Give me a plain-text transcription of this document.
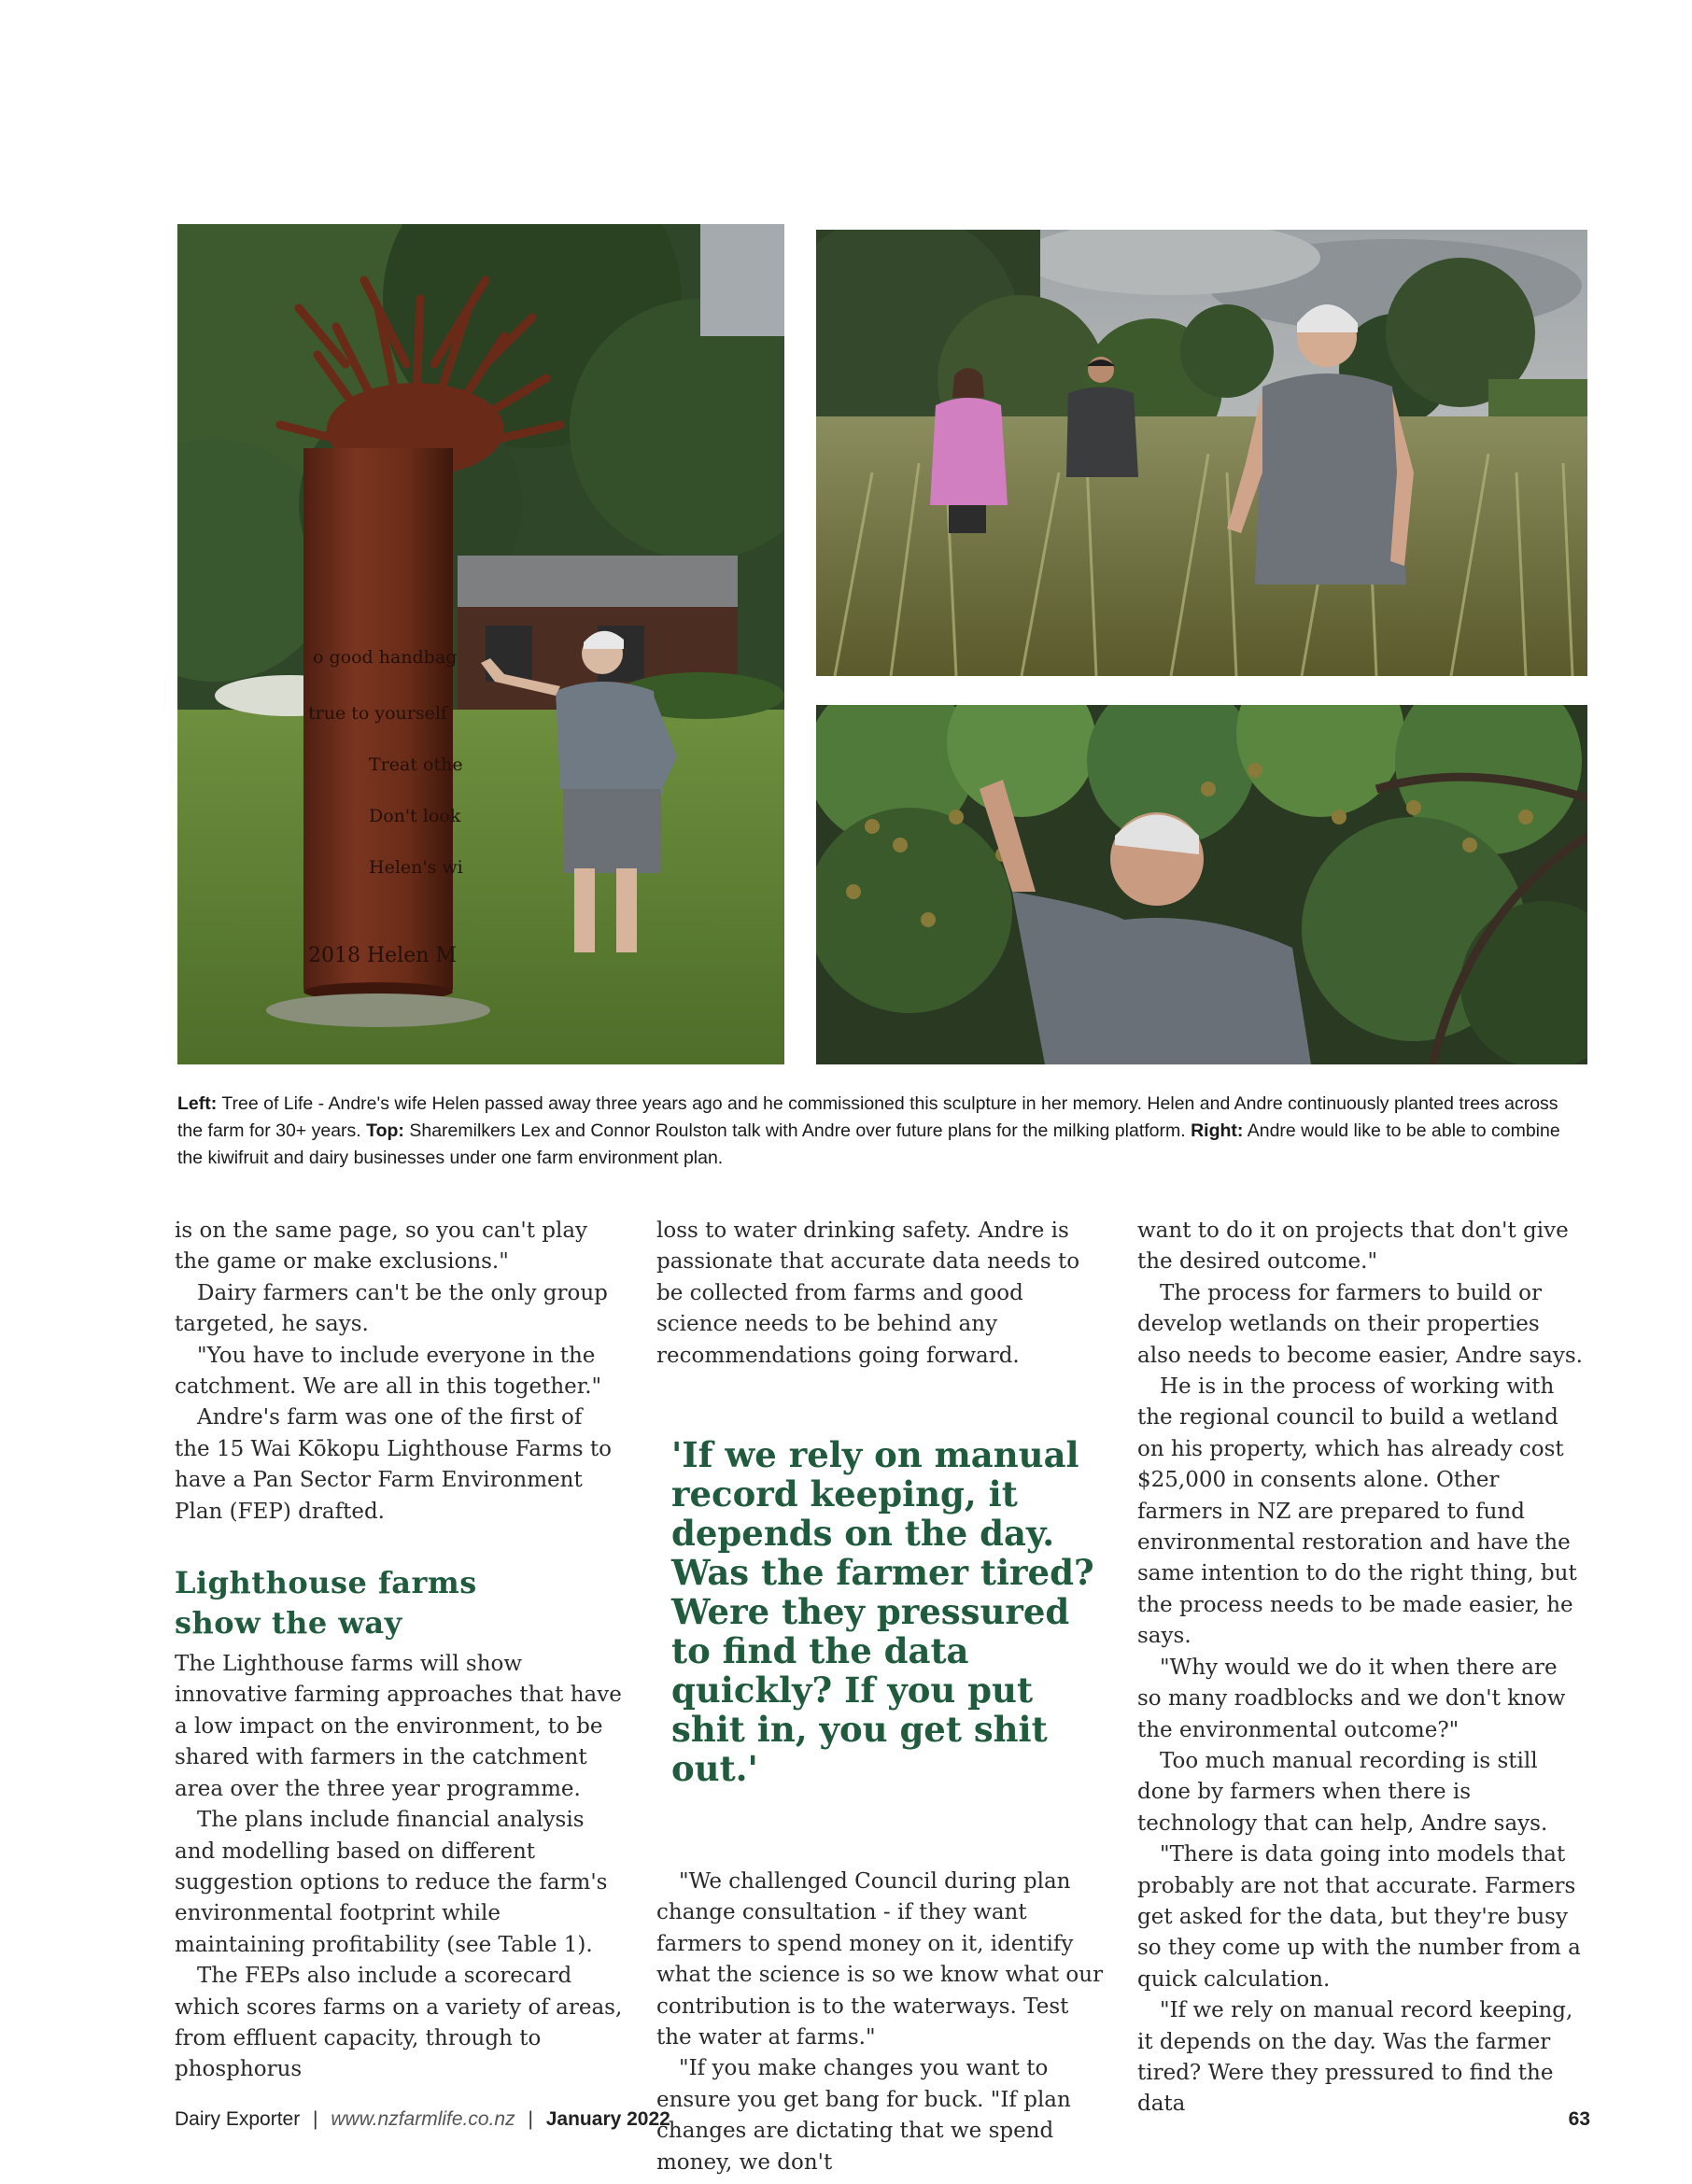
o good handbag
true to yourself
Treat othe
Don't look
Helen's wi
2018 Helen M
Left: Tree of Life - Andre's wife Helen passed away three years ago and he commissioned this sculpture in her memory. Helen and Andre continuously planted trees across the farm for 30+ years. Top: Sharemilkers Lex and Connor Roulston talk with Andre over future plans for the milking platform. Right: Andre would like to be able to combine the kiwifruit and dairy businesses under one farm environment plan.

is on the same page, so you can't play the game or make exclusions."

Dairy farmers can't be the only group targeted, he says.

"You have to include everyone in the catchment. We are all in this together."

Andre's farm was one of the first of the 15 Wai Kōkopu Lighthouse Farms to have a Pan Sector Farm Environment Plan (FEP) drafted.

Lighthouse farms
show the way

The Lighthouse farms will show innovative farming approaches that have a low impact on the environment, to be shared with farmers in the catchment area over the three year programme.

The plans include financial analysis and modelling based on different suggestion options to reduce the farm's environmental footprint while maintaining profitability (see Table 1).

The FEPs also include a scorecard which scores farms on a variety of areas, from effluent capacity, through to phosphorus

loss to water drinking safety. Andre is passionate that accurate data needs to be collected from farms and good science needs to be behind any recommendations going forward.

'If we rely on manual record keeping, it depends on the day. Was the farmer tired? Were they pressured to find the data quickly? If you put shit in, you get shit out.'

"We challenged Council during plan change consultation - if they want farmers to spend money on it, identify what the science is so we know what our contribution is to the waterways. Test the water at farms."

"If you make changes you want to ensure you get bang for buck. "If plan changes are dictating that we spend money, we don't

want to do it on projects that don't give the desired outcome."

The process for farmers to build or develop wetlands on their properties also needs to become easier, Andre says.

He is in the process of working with the regional council to build a wetland on his property, which has already cost $25,000 in consents alone. Other farmers in NZ are prepared to fund environmental restoration and have the same intention to do the right thing, but the process needs to be made easier, he says.

"Why would we do it when there are so many roadblocks and we don't know the environmental outcome?"

Too much manual recording is still done by farmers when there is technology that can help, Andre says.

"There is data going into models that probably are not that accurate. Farmers get asked for the data, but they're busy so they come up with the number from a quick calculation.

"If we rely on manual record keeping, it depends on the day. Was the farmer tired? Were they pressured to find the data

Dairy Exporter | www.nzfarmlife.co.nz | January 2022	63
